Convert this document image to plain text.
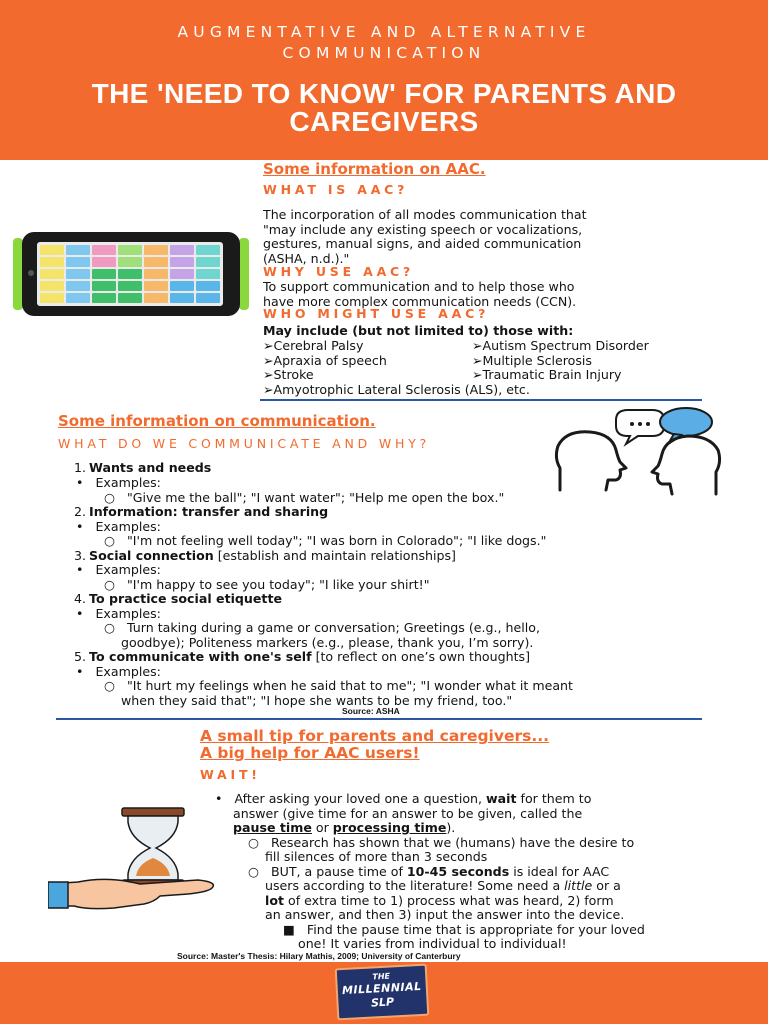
AUGMENTATIVE AND ALTERNATIVE
COMMUNICATION
THE 'NEED TO KNOW' FOR PARENTS AND
CAREGIVERS
Some information on AAC.
WHAT IS AAC?
The incorporation of all modes communication that
"may include any existing speech or vocalizations,
gestures, manual signs, and aided communication
(ASHA, n.d.)."
WHY USE AAC?
To support communication and to help those who
have more complex communication needs (CCN).
WHO MIGHT USE AAC?
May include (but not limited to) those with:
➢Cerebral Palsy
➢Apraxia of speech
➢Stroke
➢Autism Spectrum Disorder
➢Multiple Sclerosis
➢Traumatic Brain Injury
➢Amyotrophic Lateral Sclerosis (ALS), etc.
Some information on communication.
WHAT DO WE COMMUNICATE AND WHY?
1. Wants and needs
•   Examples:
○   "Give me the ball"; "I want water"; "Help me open the box."
2. Information: transfer and sharing
•   Examples:
○   "I'm not feeling well today"; "I was born in Colorado"; "I like dogs."
3. Social connection [establish and maintain relationships]
•   Examples:
○   "I'm happy to see you today"; "I like your shirt!"
4. To practice social etiquette
•   Examples:
○   Turn taking during a game or conversation; Greetings (e.g., hello,
goodbye); Politeness markers (e.g., please, thank you, I’m sorry).
5. To communicate with one's self [to reflect on one’s own thoughts]
•   Examples:
○   "It hurt my feelings when he said that to me"; "I wonder what it meant
when they said that"; "I hope she wants to be my friend, too."
Source: ASHA
A small tip for parents and caregivers...
A big help for AAC users!
WAIT!
•   After asking your loved one a question, wait for them to
answer (give time for an answer to be given, called the
pause time or processing time).
○   Research has shown that we (humans) have the desire to
fill silences of more than 3 seconds
○   BUT, a pause time of 10-45 seconds is ideal for AAC
users according to the literature! Some need a little or a
lot of extra time to 1) process what was heard, 2) form
an answer, and then 3) input the answer into the device.
■   Find the pause time that is appropriate for your loved
one! It varies from individual to individual!
Source: Master's Thesis: Hilary Mathis, 2009; University of Canterbury
THE
MILLENNIAL
SLP
